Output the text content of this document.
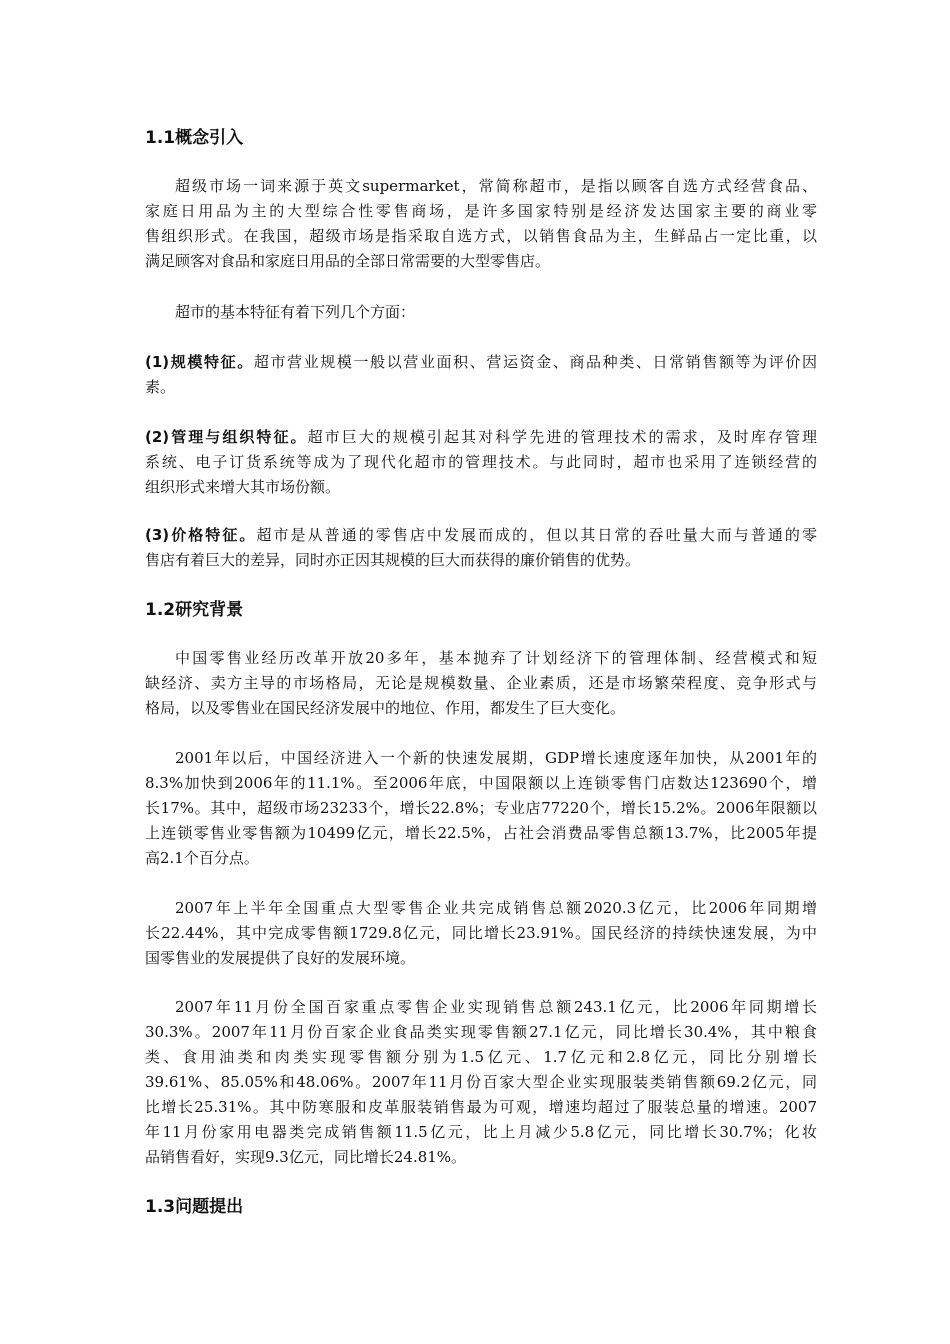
1.1概念引入
超级市场一词来源于英文supermarket，常简称超市，是指以顾客自选方式经营食品、
家庭日用品为主的大型综合性零售商场，是许多国家特别是经济发达国家主要的商业零
售组织形式。在我国，超级市场是指采取自选方式，以销售食品为主，生鲜品占一定比重，以
满足顾客对食品和家庭日用品的全部日常需要的大型零售店。
超市的基本特征有着下列几个方面：
(1)规模特征。超市营业规模一般以营业面积、营运资金、商品种类、日常销售额等为评价因
素。
(2)管理与组织特征。超市巨大的规模引起其对科学先进的管理技术的需求，及时库存管理
系统、电子订货系统等成为了现代化超市的管理技术。与此同时，超市也采用了连锁经营的
组织形式来增大其市场份额。
(3)价格特征。超市是从普通的零售店中发展而成的，但以其日常的吞吐量大而与普通的零
售店有着巨大的差异，同时亦正因其规模的巨大而获得的廉价销售的优势。
1.2研究背景
中国零售业经历改革开放20多年，基本抛弃了计划经济下的管理体制、经营模式和短
缺经济、卖方主导的市场格局，无论是规模数量、企业素质，还是市场繁荣程度、竞争形式与
格局，以及零售业在国民经济发展中的地位、作用，都发生了巨大变化。
2001年以后，中国经济进入一个新的快速发展期，GDP增长速度逐年加快，从2001年的
8.3%加快到2006年的11.1%。至2006年底，中国限额以上连锁零售门店数达123690个，增
长17%。其中，超级市场23233个，增长22.8%；专业店77220个，增长15.2%。2006年限额以
上连锁零售业零售额为10499亿元，增长22.5%，占社会消费品零售总额13.7%，比2005年提
高2.1个百分点。
2007年上半年全国重点大型零售企业共完成销售总额2020.3亿元，比2006年同期增
长22.44%，其中完成零售额1729.8亿元，同比增长23.91%。国民经济的持续快速发展，为中
国零售业的发展提供了良好的发展环境。
2007年11月份全国百家重点零售企业实现销售总额243.1亿元，比2006年同期增长
30.3%。2007年11月份百家企业食品类实现零售额27.1亿元，同比增长30.4%，其中粮食
类、食用油类和肉类实现零售额分别为1.5亿元、1.7亿元和2.8亿元，同比分别增长
39.61%、85.05%和48.06%。2007年11月份百家大型企业实现服装类销售额69.2亿元，同
比增长25.31%。其中防寒服和皮革服装销售最为可观，增速均超过了服装总量的增速。2007
年11月份家用电器类完成销售额11.5亿元，比上月减少5.8亿元，同比增长30.7%；化妆
品销售看好，实现9.3亿元，同比增长24.81%。
1.3问题提出
